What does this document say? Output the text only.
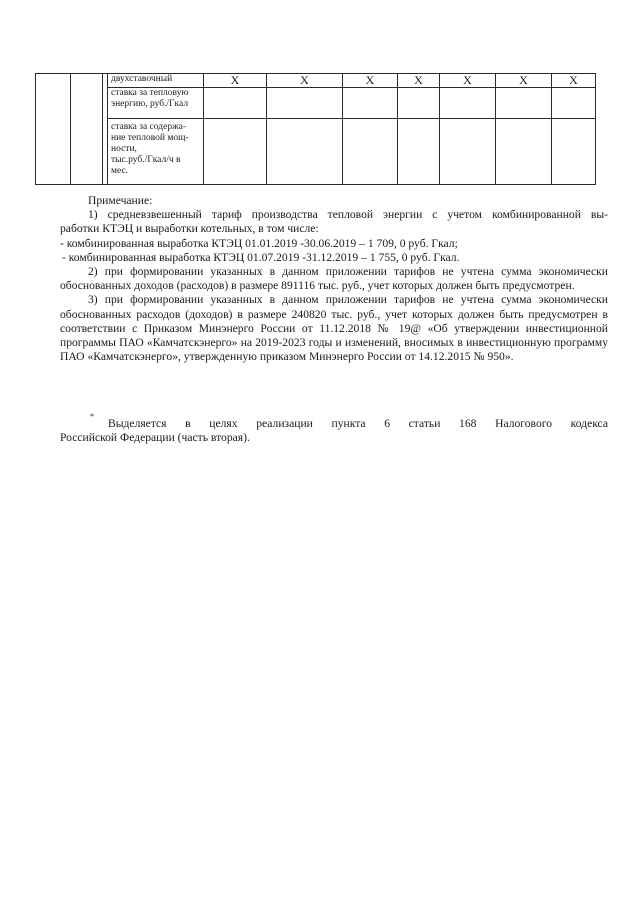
	двухставочный	Х	Х	Х	Х	Х	Х	Х

	ставка за тепловую
энергию, руб./Гкал							

	ставка за содержа-
ние тепловой мощ-
ности,
тыс.руб./Гкал/ч в
мес.							

Примечание:

1) средневзвешенный тариф производства тепловой энергии с учетом комбинированной вы-

работки КТЭЦ и выработки котельных, в том числе:

- комбинированная выработка КТЭЦ 01.01.2019 -30.06.2019 – 1 709, 0 руб. Гкал;

- комбинированная выработка КТЭЦ 01.07.2019 -31.12.2019 – 1 755, 0 руб. Гкал.

2) при формировании указанных в данном приложении тарифов не учтена сумма экономически обоснованных доходов (расходов) в размере 891116 тыс. руб., учет которых должен быть предусмотрен.

3) при формировании указанных в данном приложении тарифов не учтена сумма экономически обоснованных расходов (доходов) в размере 240820 тыс. руб., учет которых должен быть предусмотрен в соответствии с Приказом Минэнерго России от 11.12.2018 № 19@ «Об утверждении инвестиционной программы ПАО «Камчатскэнерго» на 2019-2023 годы и изменений, вносимых в инвестиционную программу ПАО «Камчатскэнерго», утвержденную приказом Минэнерго России от 14.12.2015 № 950».

*Выделяется в целях реализации пункта 6 статьи 168 Налогового кодекса

Российской Федерации (часть вторая).
